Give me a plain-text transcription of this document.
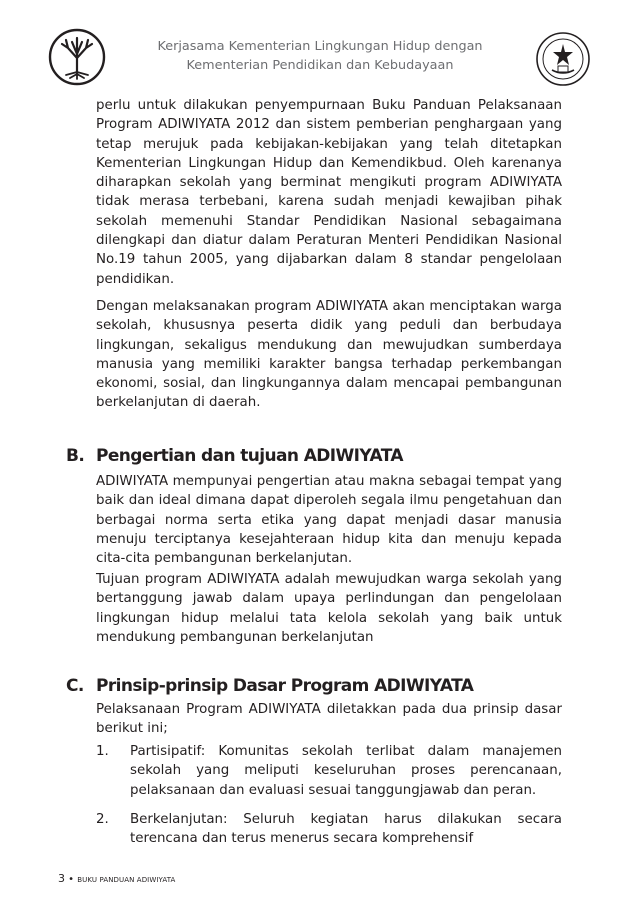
Kerjasama Kementerian Lingkungan Hidup dengan
Kementerian Pendidikan dan Kebudayaan

perlu untuk dilakukan penyempurnaan Buku Panduan Pelaksanaan Program ADIWIYATA 2012 dan sistem pemberian penghargaan yang tetap merujuk pada kebijakan-kebijakan yang telah ditetapkan Kementerian Lingkungan Hidup dan Kemendikbud. Oleh karenanya diharapkan sekolah yang berminat mengikuti program ADIWIYATA tidak merasa terbebani, karena sudah menjadi kewajiban pihak sekolah memenuhi Standar Pendidikan Nasional sebagaimana dilengkapi dan diatur dalam Peraturan Menteri Pendidikan Nasional No.19 tahun 2005, yang dijabarkan dalam 8 standar pengelolaan pendidikan.

Dengan melaksanakan program ADIWIYATA akan menciptakan warga sekolah, khususnya peserta didik yang peduli dan berbudaya lingkungan, sekaligus mendukung dan mewujudkan sumberdaya manusia yang memiliki karakter bangsa terhadap perkembangan ekonomi, sosial, dan lingkungannya dalam mencapai pembangunan berkelanjutan di daerah.

B. Pengertian dan tujuan ADIWIYATA

ADIWIYATA mempunyai pengertian atau makna sebagai tempat yang baik dan ideal dimana dapat diperoleh segala ilmu pengetahuan dan berbagai norma serta etika yang dapat menjadi dasar manusia menuju terciptanya kesejahteraan hidup kita dan menuju kepada cita-cita pembangunan berkelanjutan.

Tujuan program ADIWIYATA adalah mewujudkan warga sekolah yang bertanggung jawab dalam upaya perlindungan dan pengelolaan lingkungan hidup melalui tata kelola sekolah yang baik untuk mendukung pembangunan berkelanjutan

C. Prinsip-prinsip Dasar Program ADIWIYATA

Pelaksanaan Program ADIWIYATA diletakkan pada dua prinsip dasar berikut ini;

1. Partisipatif: Komunitas sekolah terlibat dalam manajemen sekolah yang meliputi keseluruhan proses perencanaan, pelaksanaan dan evaluasi sesuai tanggungjawab dan peran.
2. Berkelanjutan: Seluruh kegiatan harus dilakukan secara terencana dan terus menerus secara komprehensif
3 • BUKU PANDUAN ADIWIYATA
